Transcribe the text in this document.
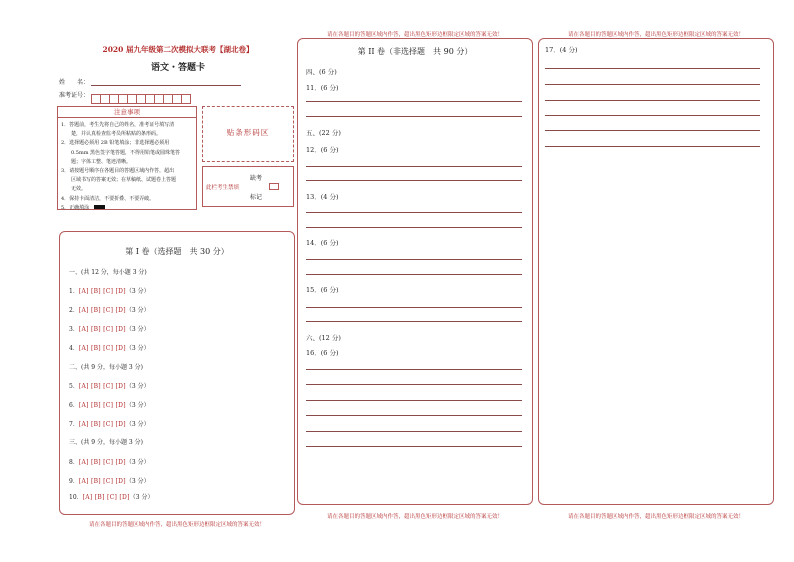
2020 届九年级第二次模拟大联考【湖北卷】
语文・答题卡
姓　　名：
准考证号：
注意事项

1．答题前，考生先将自己的姓名，准考证号填写清

　　楚，并认真检查监考员所粘贴的条形码。

2．选择题必须用 2B 铅笔填涂；非选择题必须用

　　0.5mm 黑色签字笔答题，不得用铅笔或圆珠笔答

　　题；字体工整、笔迹清晰。

3．请按题号顺序在各题目的答题区域内作答，超出

　　区域书写的答案无效；在草稿纸、试题卷上答题

　　无效。

4．保持卡面清洁，不要折叠、不要弄破。

5．正确填涂

贴条形码区
此栏考生禁填
缺考
标记
第 I 卷（选择题　共 30 分）
一、(共 12 分，每小题 3 分)
1．[A] [B] [C] [D]（3 分）
2．[A] [B] [C] [D]（3 分）
3．[A] [B] [C] [D]（3 分）
4．[A] [B] [C] [D]（3 分）
二、(共 9 分，每小题 3 分)
5．[A] [B] [C] [D]（3 分）
6．[A] [B] [C] [D]（3 分）
7．[A] [B] [C] [D]（3 分）
三、(共 9 分，每小题 3 分)
8．[A] [B] [C] [D]（3 分）
9．[A] [B] [C] [D]（3 分）
10．[A] [B] [C] [D]（3 分）
请在各题目的答题区域内作答，超出黑色矩形边框限定区域的答案无效！
请在各题目的答题区域内作答，超出黑色矩形边框限定区域的答案无效！
第 II 卷（非选择题　共 90 分）
四、(6 分)
11．(6 分)
五、(22 分)
12．(6 分)
13．(4 分)
14．(6 分)
15．(6 分)
六、(12 分)
16．(6 分)
请在各题目的答题区域内作答，超出黑色矩形边框限定区域的答案无效！
请在各题目的答题区域内作答，超出黑色矩形边框限定区域的答案无效！
17．(4 分)
请在各题目的答题区域内作答，超出黑色矩形边框限定区域的答案无效！
